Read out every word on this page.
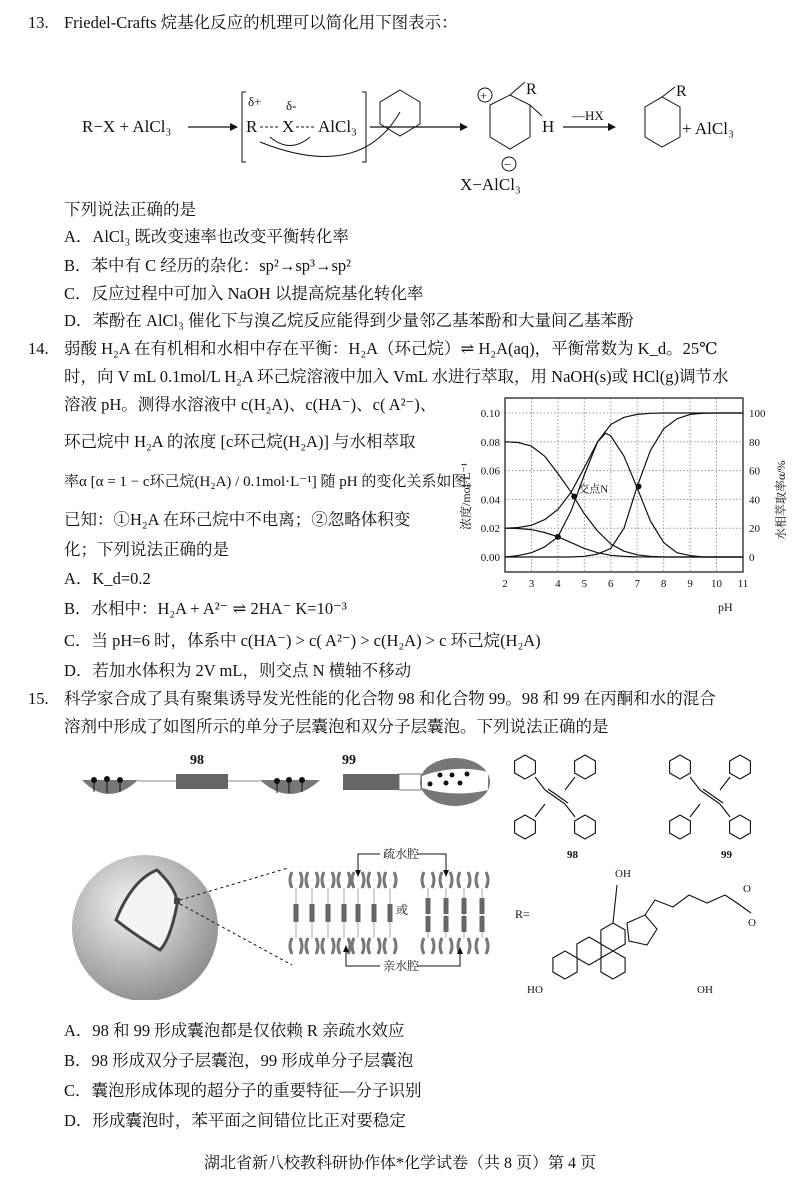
13. Friedel-Crafts 烷基化反应的机理可以简化用下图表示：
R−X + AlCl₃
δ+ δ-
R X AlCl₃
+ R
H
−
X−AlCl₃
—HX
R
+ AlCl₃
下列说法正确的是
A．AlCl₃ 既改变速率也改变平衡转化率
B．苯中有 C 经历的杂化：sp²→sp³→sp²
C．反应过程中可加入 NaOH 以提高烷基化转化率
D．苯酚在 AlCl₃ 催化下与溴乙烷反应能得到少量邻乙基苯酚和大量间乙基苯酚
14. 弱酸 H₂A 在有机相和水相中存在平衡：H₂A（环己烷）⇌ H₂A(aq)，平衡常数为 K_d。25℃
时，向 V mL 0.1mol/L H₂A 环己烷溶液中加入 VmL 水进行萃取，用 NaOH(s)或 HCl(g)调节水
溶液 pH。测得水溶液中 c(H₂A)、c(HA⁻)、c( A²⁻)、
环己烷中 H₂A 的浓度 [c环己烷(H₂A)] 与水相萃取
率α [α = 1 − c环己烷(H₂A) / 0.1mol·L⁻¹] 随 pH 的变化关系如图。
已知：①H₂A 在环己烷中不电离；②忽略体积变
化；下列说法正确的是
A．K_d=0.2
B．水相中：H₂A + A²⁻ ⇌ 2HA⁻ K=10⁻³
C．当 pH=6 时，体系中 c(HA⁻) > c( A²⁻) > c(H₂A) > c 环己烷(H₂A)
D．若加水体积为 2V mL，则交点 N 横轴不移动
交点N
2 3 4 5 6 7 8 9 10 11
0.00
0.02
0.04
0.06
0.08
0.10
0
20
40
60
80
100
浓度/mol·L⁻¹	水相萃取率α/%
pH
15. 科学家合成了具有聚集诱导发光性能的化合物 98 和化合物 99。98 和 99 在丙酮和水的混合
溶剂中形成了如图所示的单分子层囊泡和双分子层囊泡。下列说法正确的是
98	99
疏水腔
亲水腔
或
98	99
R=
OH
OH
HO
O
O
A．98 和 99 形成囊泡都是仅依赖 R 亲疏水效应
B．98 形成双分子层囊泡，99 形成单分子层囊泡
C．囊泡形成体现的超分子的重要特征—分子识别
D．形成囊泡时，苯平面之间错位比正对要稳定
湖北省新八校教科研协作体*化学试卷（共 8 页）第 4 页
